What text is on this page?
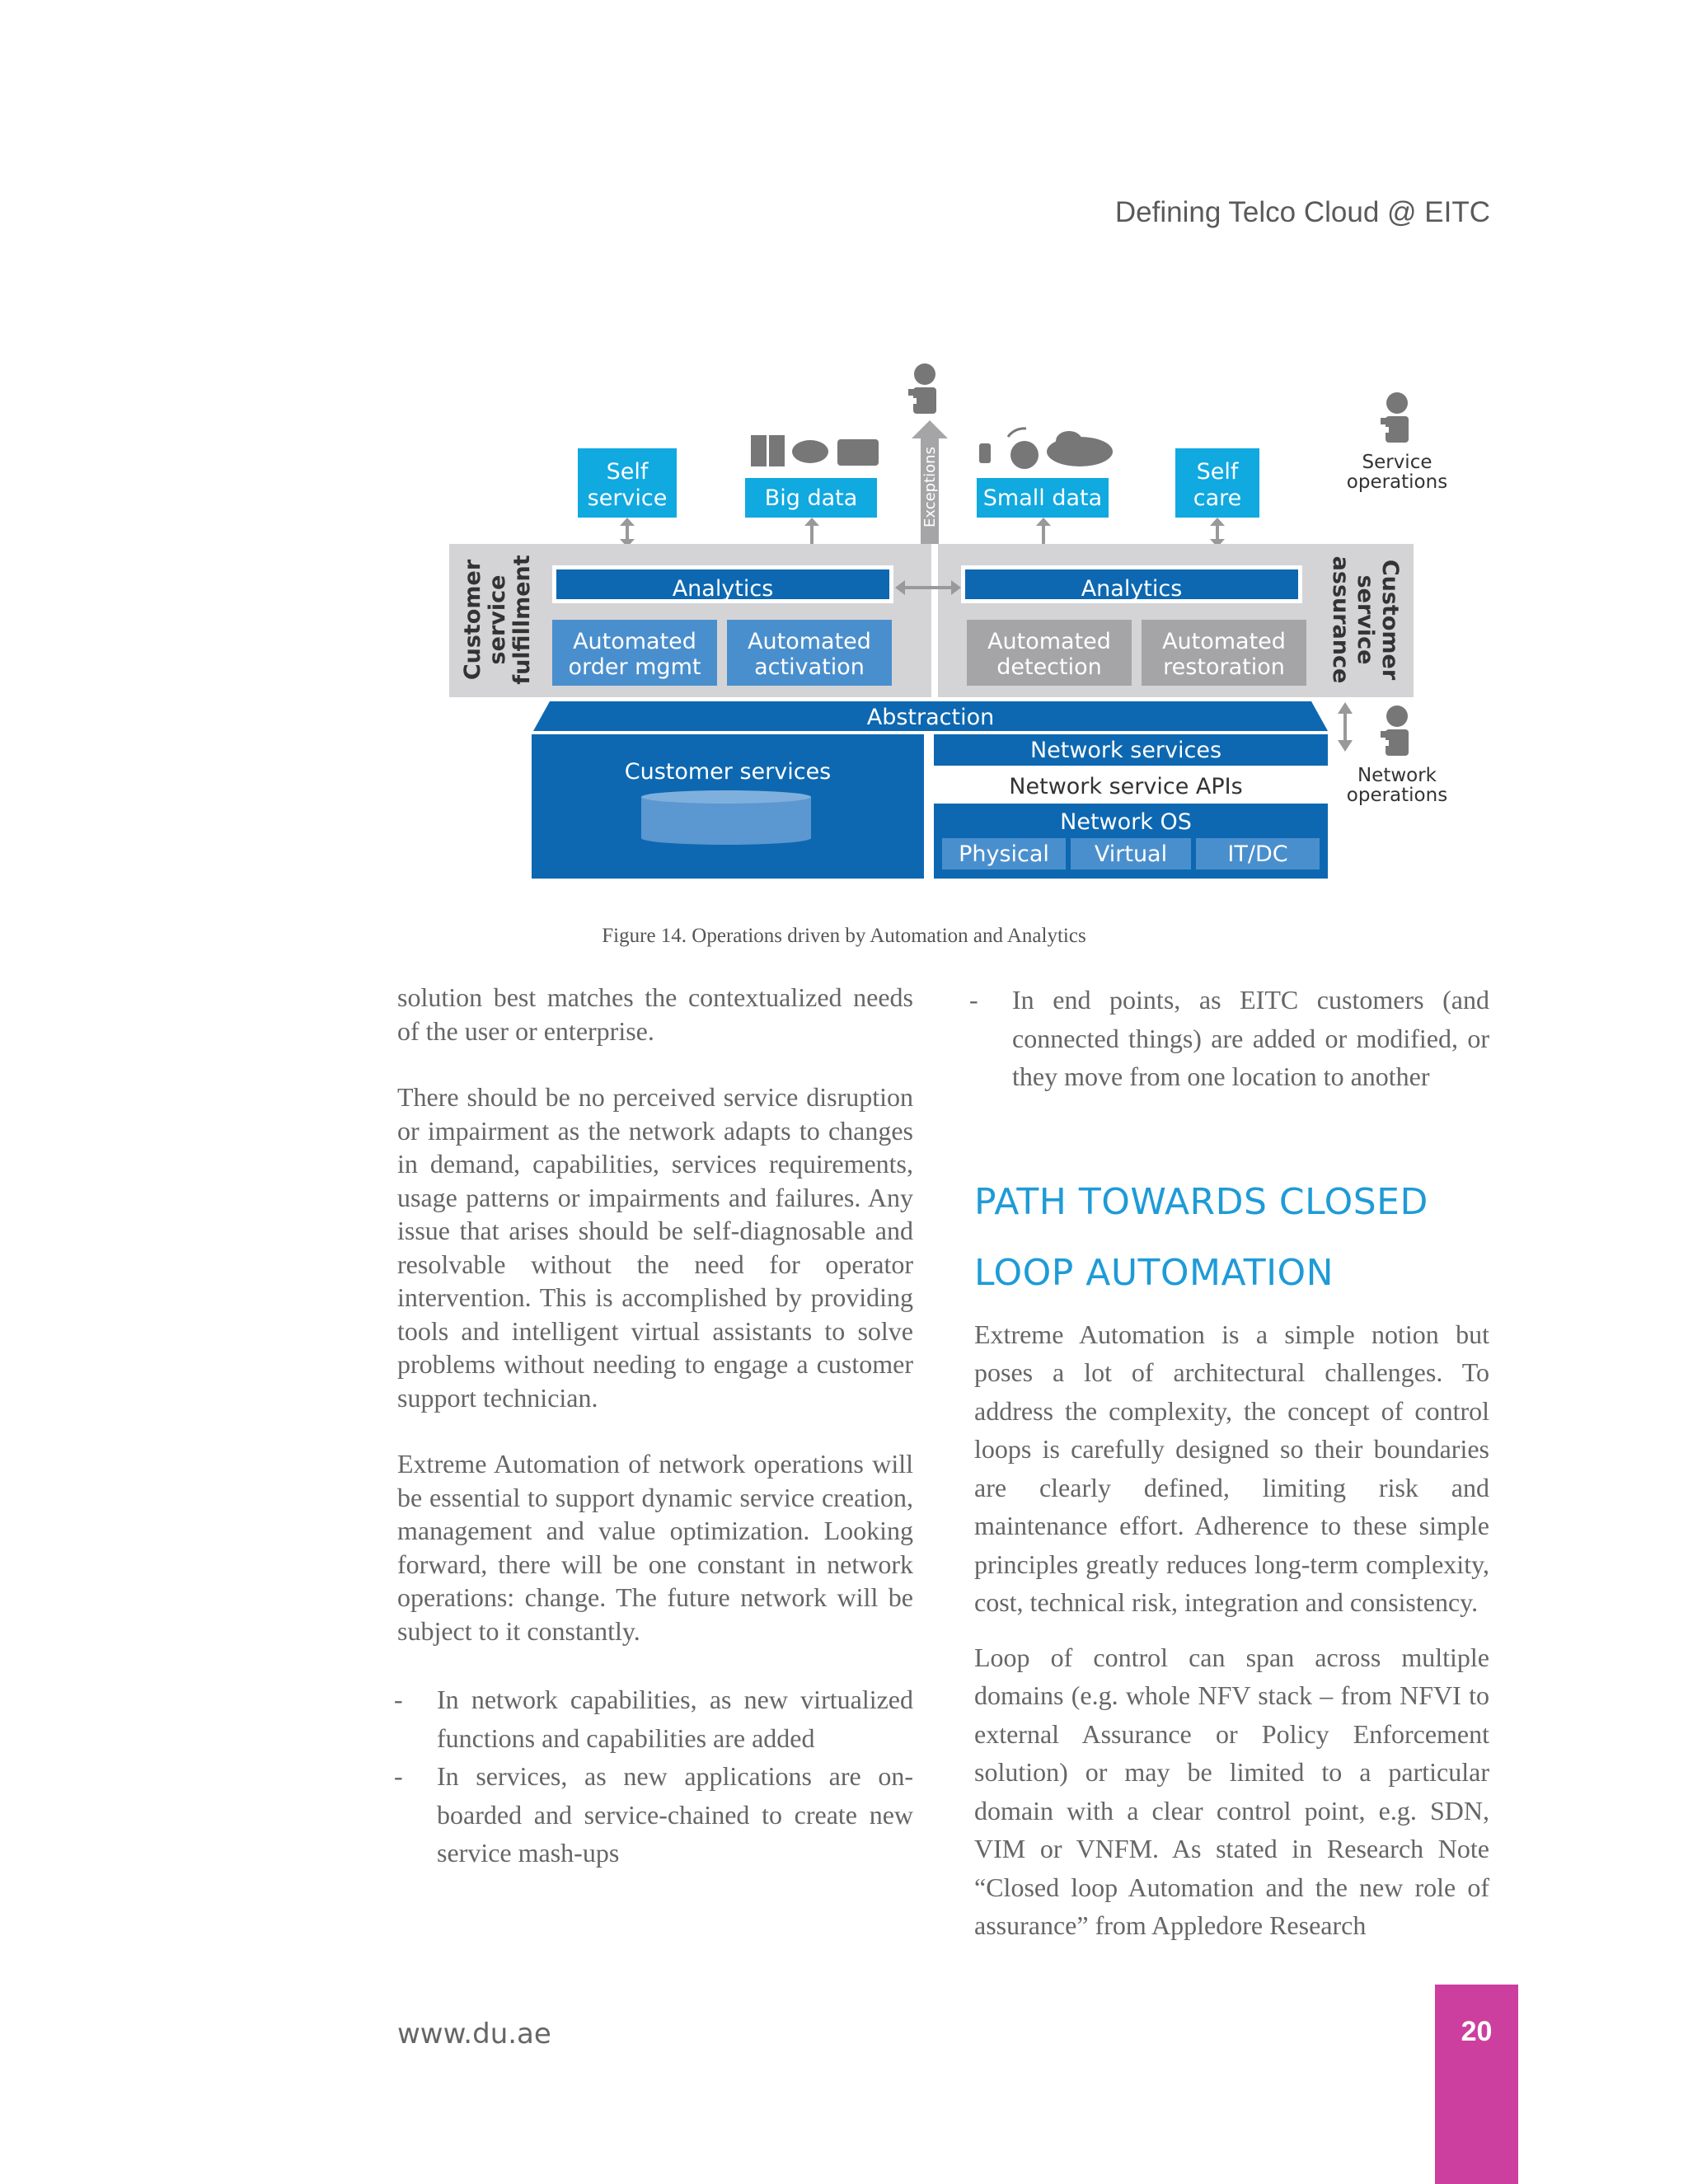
Defining Telco Cloud @ EITC
Self
service	Big data	Small data
Self
care
Exceptions
Customer service fulfillment	Customer
service
assurance
Analytics	Analytics
Automated
order mgmt
Automated
activation
Automated
detection
Automated
restoration
Abstraction
Customer services
Network services
Network service APIs
Network OS
Physical Virtual	IT/DC
Service
operations
Network
operations
Figure 14. Operations driven by Automation and Analytics

solution best matches the contextualized needs of the user or enterprise.

There should be no perceived service disruption or impairment as the network adapts to changes in demand, capabilities, services requirements, usage patterns or impairments and failures. Any issue that arises should be self-diagnosable and resolvable without the need for operator intervention. This is accomplished by providing tools and intelligent virtual assistants to solve problems without needing to engage a customer support technician.

Extreme Automation of network operations will be essential to support dynamic service creation, management and value optimization. Looking forward, there will be one constant in network operations: change. The future network will be subject to it constantly.

- In network capabilities, as new virtualized functions and capabilities are added
- In services, as new applications are on-boarded and service-chained to create new service mash-ups
- In end points, as EITC customers (and connected things) are added or modified, or they move from one location to another
PATH TOWARDS CLOSED LOOP AUTOMATION

Extreme Automation is a simple notion but poses a lot of architectural challenges. To address the complexity, the concept of control loops is carefully designed so their boundaries are clearly defined, limiting risk and maintenance effort. Adherence to these simple principles greatly reduces long-term complexity, cost, technical risk, integration and consistency.

Loop of control can span across multiple domains (e.g. whole NFV stack – from NFVI to external Assurance or Policy Enforcement solution) or may be limited to a particular domain with a clear control point, e.g. SDN, VIM or VNFM. As stated in Research Note “Closed loop Automation and the new role of assurance” from Appledore Research

www.du.ae	20
